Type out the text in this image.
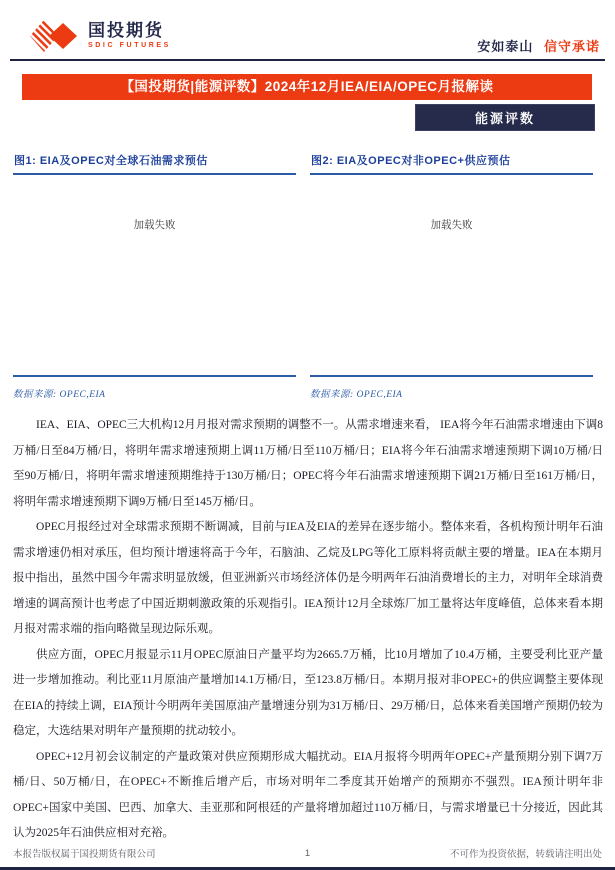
国投期货
SDIC FUTURES	安如泰山 信守承诺
【国投期货|能源评数】2024年12月IEA/EIA/OPEC月报解读
能源评数
图1: EIA及OPEC对全球石油需求预估
加载失败
数据来源: OPEC,EIA
图2: EIA及OPEC对非OPEC+供应预估
加载失败
数据来源: OPEC,EIA

IEA、EIA、OPEC三大机构12月月报对需求预期的调整不一。从需求增速来看， IEA将今年石油需求增速由下调8万桶/日至84万桶/日，将明年需求增速预期上调11万桶/日至110万桶/日；EIA将今年石油需求增速预期下调10万桶/日至90万桶/日，将明年需求增速预期维持于130万桶/日；OPEC将今年石油需求增速预期下调21万桶/日至161万桶/日，将明年需求增速预期下调9万桶/日至145万桶/日。

OPEC月报经过对全球需求预期不断调减，目前与IEA及EIA的差异在逐步缩小。整体来看，各机构预计明年石油需求增速仍相对承压，但均预计增速将高于今年，石脑油、乙烷及LPG等化工原料将贡献主要的增量。IEA在本期月报中指出，虽然中国今年需求明显放缓，但亚洲新兴市场经济体仍是今明两年石油消费增长的主力，对明年全球消费增速的调高预计也考虑了中国近期刺激政策的乐观指引。IEA预计12月全球炼厂加工量将达年度峰值，总体来看本期月报对需求端的指向略微呈现边际乐观。

供应方面，OPEC月报显示11月OPEC原油日产量平均为2665.7万桶，比10月增加了10.4万桶，主要受利比亚产量进一步增加推动。利比亚11月原油产量增加14.1万桶/日，至123.8万桶/日。本期月报对非OPEC+的供应调整主要体现在EIA的持续上调，EIA预计今明两年美国原油产量增速分别为31万桶/日、29万桶/日，总体来看美国增产预期仍较为稳定，大选结果对明年产量预期的扰动较小。

OPEC+12月初会议制定的产量政策对供应预期形成大幅扰动。EIA月报将今明两年OPEC+产量预期分别下调7万桶/日、50万桶/日，在OPEC+不断推后增产后，市场对明年二季度其开始增产的预期亦不强烈。IEA预计明年非OPEC+国家中美国、巴西、加拿大、圭亚那和阿根廷的产量将增加超过110万桶/日，与需求增量已十分接近，因此其认为2025年石油供应相对充裕。

本报告版权属于国投期货有限公司	1	不可作为投资依据，转载请注明出处
